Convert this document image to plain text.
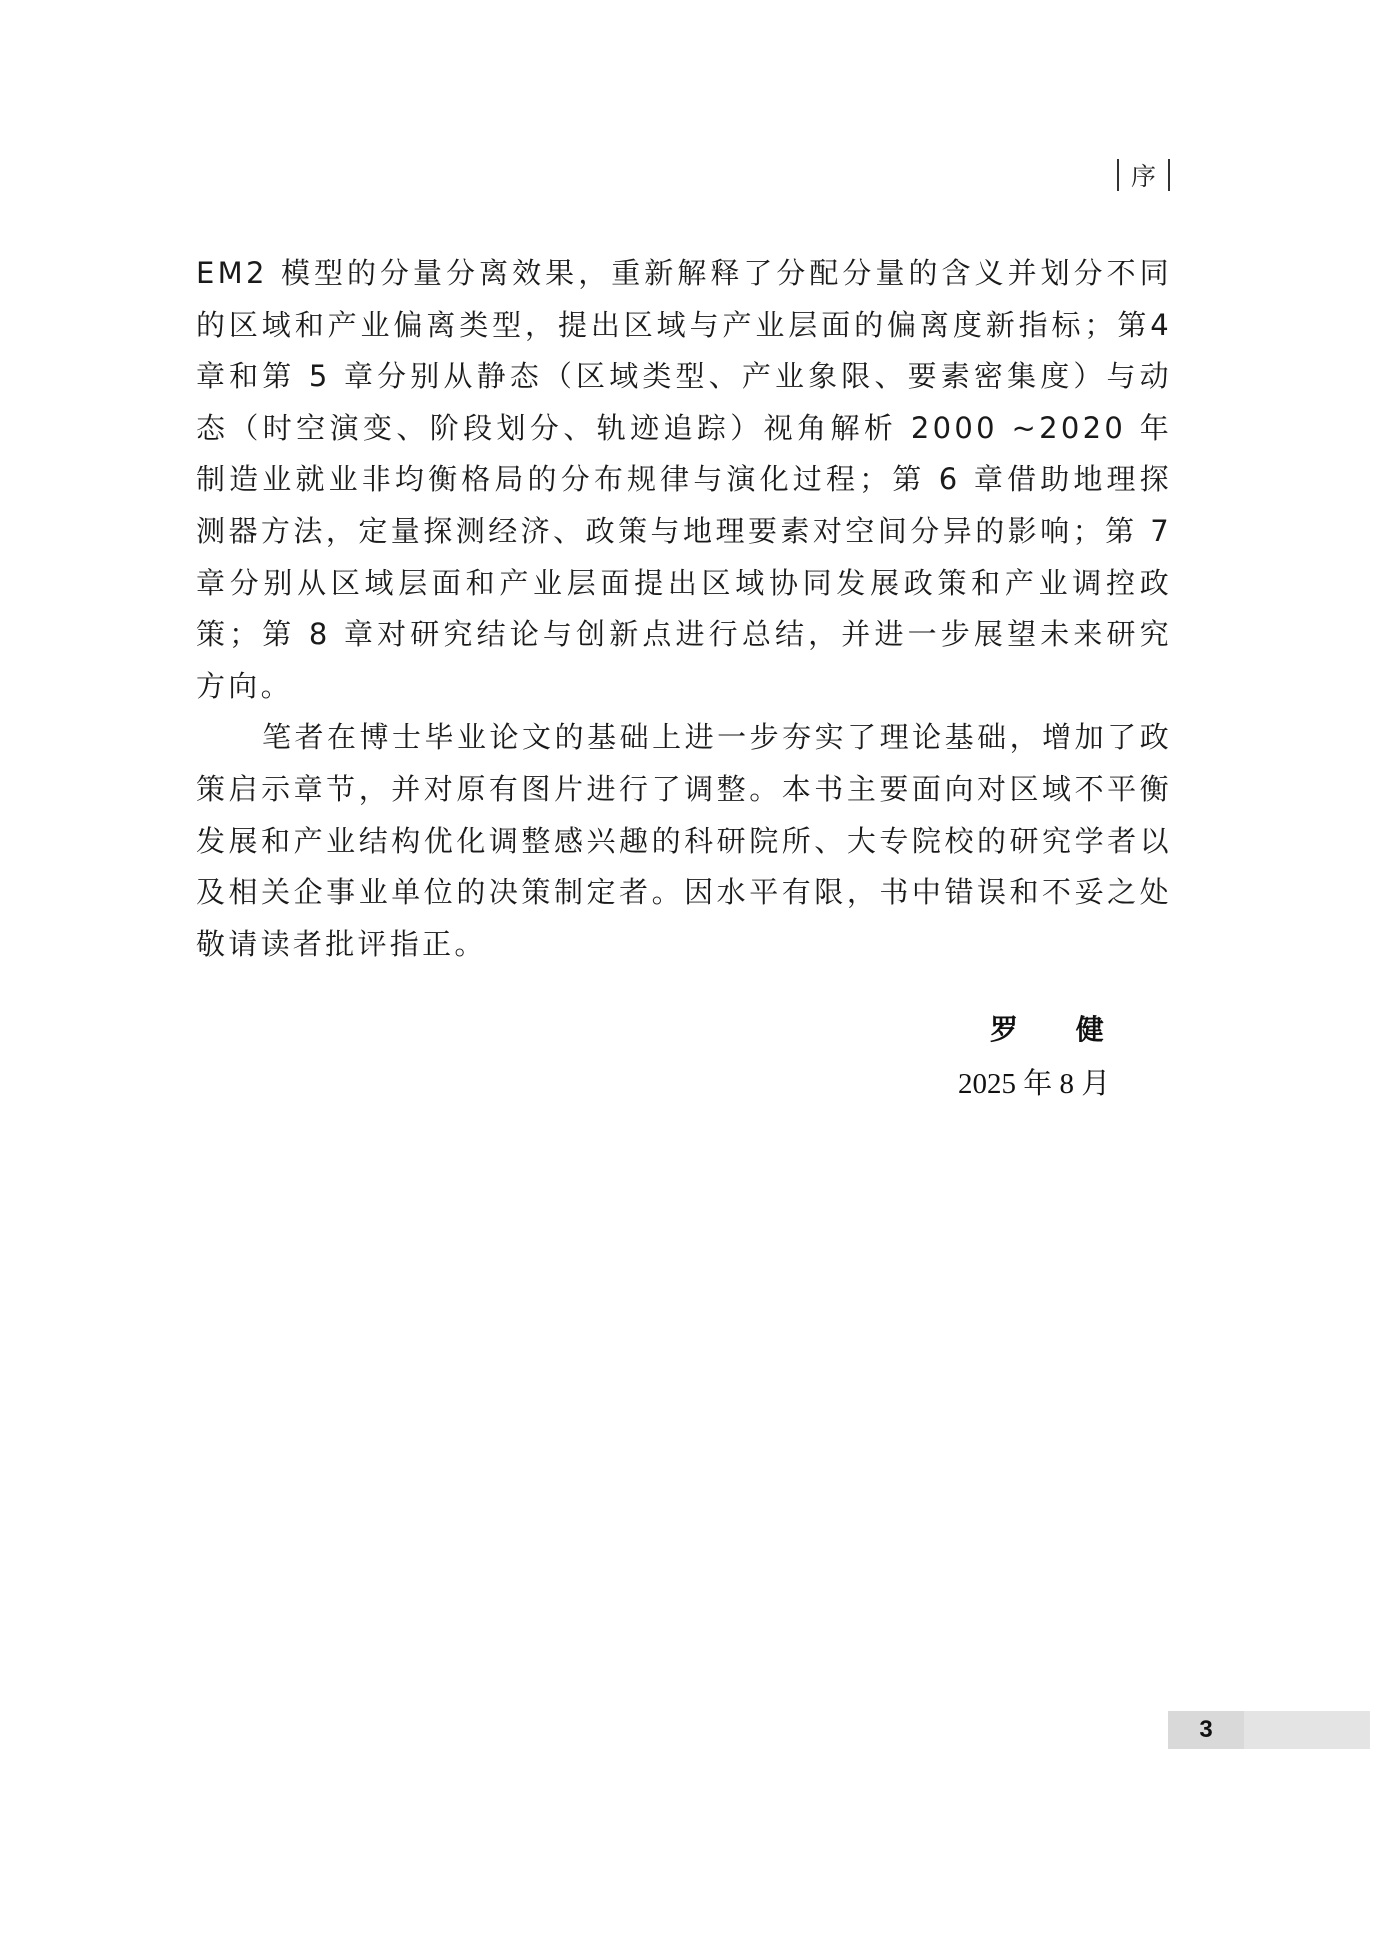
序

EM2 模型的分量分离效果，重新解释了分配分量的含义并划分不同的区域和产业偏离类型，提出区域与产业层面的偏离度新指标；第4 章和第 5 章分别从静态（区域类型、产业象限、要素密集度）与动态（时空演变、阶段划分、轨迹追踪）视角解析 2000 ~2020 年制造业就业非均衡格局的分布规律与演化过程；第 6 章借助地理探测器方法，定量探测经济、政策与地理要素对空间分异的影响；第 7 章分别从区域层面和产业层面提出区域协同发展政策和产业调控政策；第 8 章对研究结论与创新点进行总结，并进一步展望未来研究方向。

笔者在博士毕业论文的基础上进一步夯实了理论基础，增加了政策启示章节，并对原有图片进行了调整。本书主要面向对区域不平衡发展和产业结构优化调整感兴趣的科研院所、大专院校的研究学者以及相关企事业单位的决策制定者。因水平有限，书中错误和不妥之处敬请读者批评指正。

罗 健
2025 年 8 月
3
